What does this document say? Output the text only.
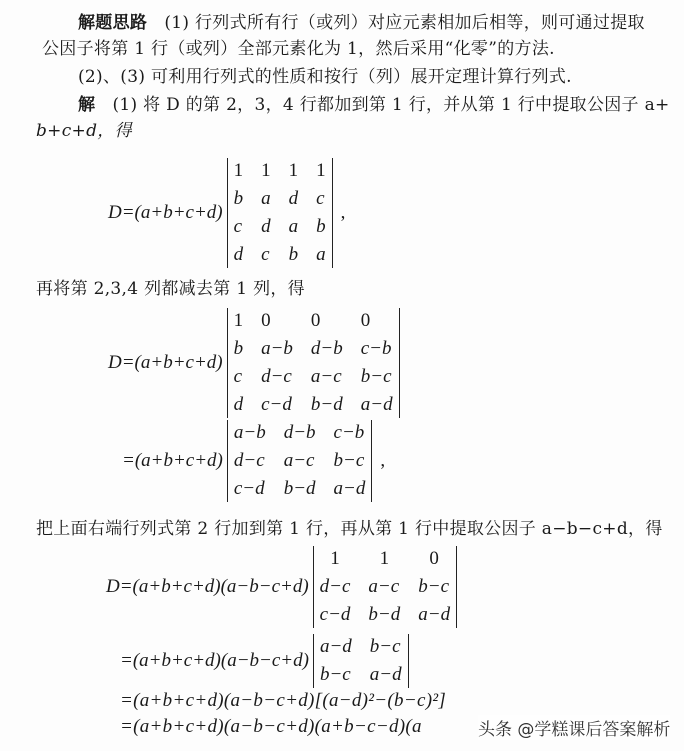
解题思路 (1) 行列式所有行（或列）对应元素相加后相等，则可通过提取
公因子将第 1 行（或列）全部元素化为 1，然后采用“化零”的方法.
(2)、(3) 可利用行列式的性质和按行（列）展开定理计算行列式.
解 (1) 将 D 的第 2，3，4 行都加到第 1 行，并从第 1 行中提取公因子 a+
b+c+d，得
D=(a+b+c+d)
1 1 1 1
b a d c
c d a b
d c b a
,
再将第 2,3,4 列都减去第 1 列，得
D=(a+b+c+d)
1 0	0	0
b a−b d−b c−b
c d−c a−c b−c
d c−d b−d a−d
=(a+b+c+d)
a−b d−b c−b
d−c a−c b−c
c−d b−d a−d
,
把上面右端行列式第 2 行加到第 1 行，再从第 1 行中提取公因子 a−b−c+d，得
D=(a+b+c+d)(a−b−c+d)
1	1	0
d−c a−c b−c
c−d b−d a−d
=(a+b+c+d)(a−b−c+d)
a−d b−c
b−c a−d
=(a+b+c+d)(a−b−c+d)[(a−d)²−(b−c)²]
=(a+b+c+d)(a−b−c+d)(a+b−c−d)(a	头条 @学糕课后答案解析
